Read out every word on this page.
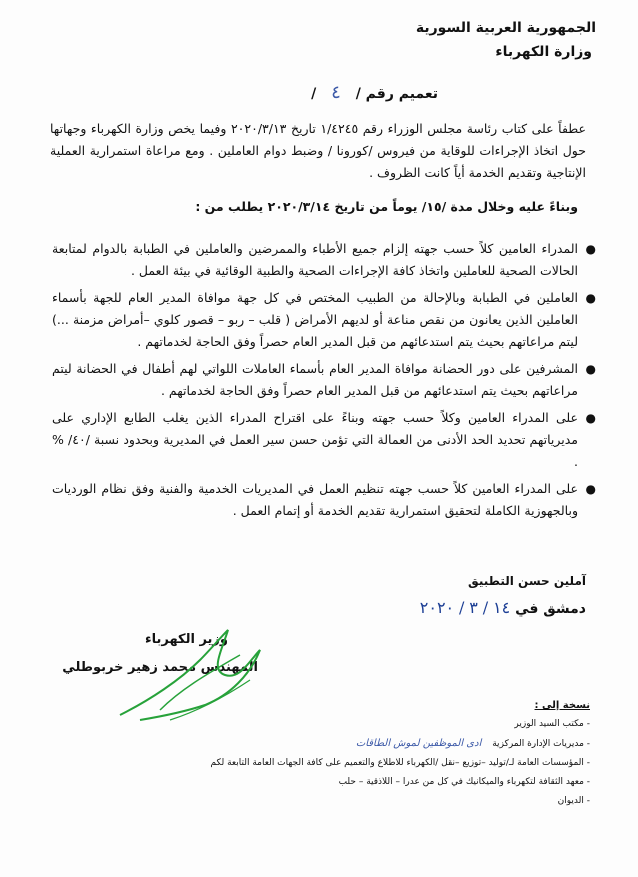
الجمهورية العربية السورية
وزارة الكهرباء
تعميم رقم / ٤ /
عطفاً على كتاب رئاسة مجلس الوزراء رقم ١/٤٢٤٥ تاريخ ٢٠٢٠/٣/١٣ وفيما يخص وزارة الكهرباء وجهاتها حول اتخاذ الإجراءات للوقاية من فيروس /كورونا / وضبط دوام العاملين . ومع مراعاة استمرارية العملية الإنتاجية وتقديم الخدمة أياً كانت الظروف .
وبناءً عليه وخلال مدة /١٥/ يوماً من تاريخ ٢٠٢٠/٣/١٤ يطلب من :
●
المدراء العامين كلاً حسب جهته إلزام جميع الأطباء والممرضين والعاملين في الطبابة بالدوام لمتابعة الحالات الصحية للعاملين واتخاذ كافة الإجراءات الصحية والطبية الوقائية في بيئة العمل .
●
العاملين في الطبابة وبالإحالة من الطبيب المختص في كل جهة موافاة المدير العام للجهة بأسماء العاملين الذين يعانون من نقص مناعة أو لديهم الأمراض ( قلب – ربو – قصور كلوي –أمراض مزمنة ...) ليتم مراعاتهم بحيث يتم استدعائهم من قبل المدير العام حصراً وفق الحاجة لخدماتهم .
●
المشرفين على دور الحضانة موافاة المدير العام بأسماء العاملات اللواتي لهم أطفال في الحضانة ليتم مراعاتهم بحيث يتم استدعائهم من قبل المدير العام حصراً وفق الحاجة لخدماتهم .
●
على المدراء العامين وكلاً حسب جهته وبناءً على اقتراح المدراء الذين يغلب الطابع الإداري على مديرياتهم تحديد الحد الأدنى من العمالة التي تؤمن حسن سير العمل في المديرية وبحدود نسبة /٤٠/ % .
●
على المدراء العامين كلاً حسب جهته تنظيم العمل في المديريات الخدمية والفنية وفق نظام الورديات وبالجهوزية الكاملة لتحقيق استمرارية تقديم الخدمة أو إتمام العمل .
آملين حسن التطبيق
دمشق في ١٤ / ٣ / ٢٠٢٠
وزير الكهرباء
المهندس محمد زهير خربوطلي
نسخة إلى :
- مكتب السيد الوزير
- مديريات الإدارة المركزية ادى الموظفين لموش الطاقات
- المؤسسات العامة لـ/توليد –توزيع –نقل /الكهرباء للاطلاع والتعميم على كافة الجهات العامة التابعة لكم
- معهد الثقافة لتكهرباء والميكانيك في كل من عدرا – اللاذقية – حلب
- الديوان
